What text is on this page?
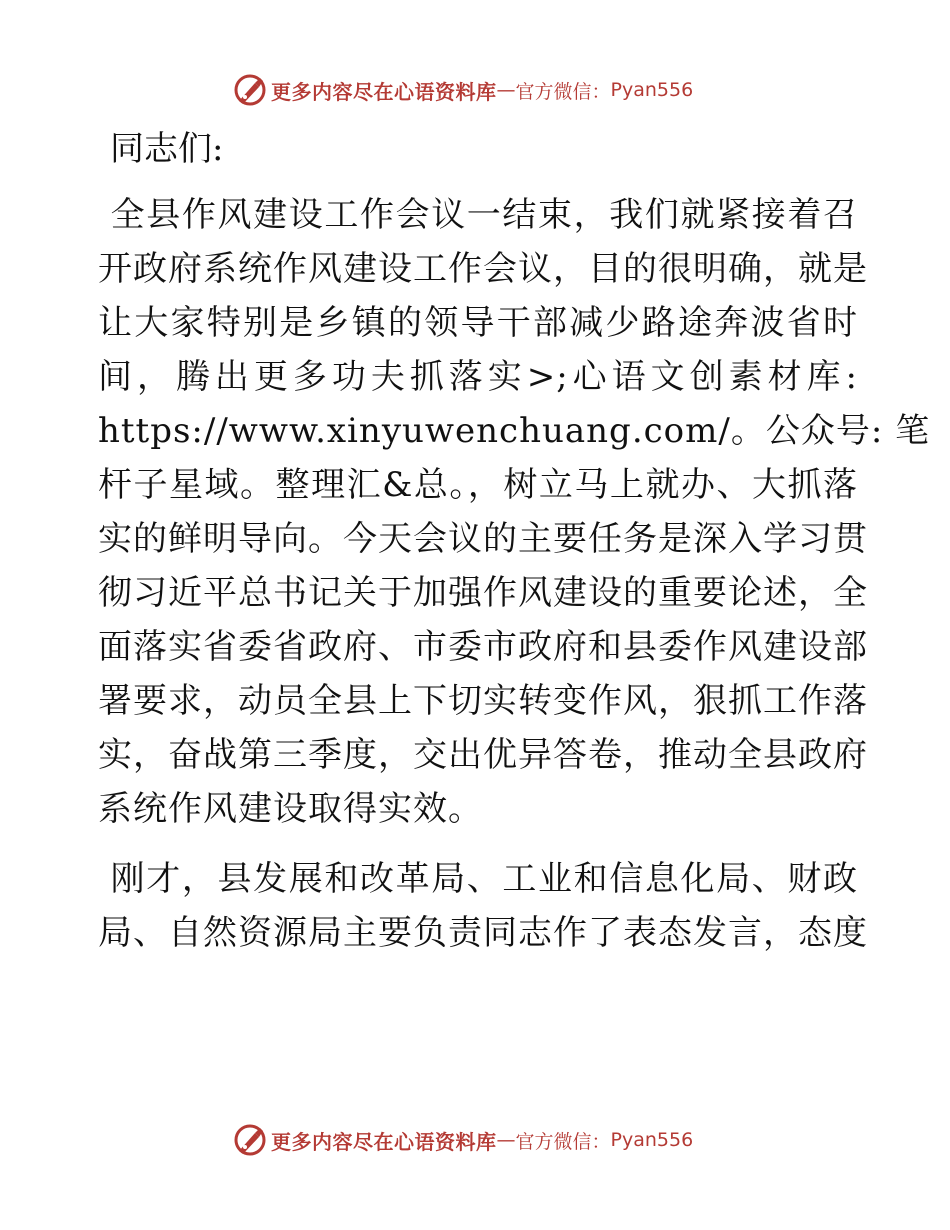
更多内容尽在心语资料库 — 官方微信： Pyan556
同志们:
全县作风建设工作会议一结束，我们就紧接着召
开政府系统作风建设工作会议，目的很明确，就是
让大家特别是乡镇的领导干部减少路途奔波省时
间，腾出更多功夫抓落实>;心语文创素材库:
https://www.xinyuwenchuang.com/。公众号: 笔
杆子星域。整理汇&总。，树立马上就办、大抓落
实的鲜明导向。今天会议的主要任务是深入学习贯
彻习近平总书记关于加强作风建设的重要论述，全
面落实省委省政府、市委市政府和县委作风建设部
署要求，动员全县上下切实转变作风，狠抓工作落
实，奋战第三季度，交出优异答卷，推动全县政府
系统作风建设取得实效。
刚才，县发展和改革局、工业和信息化局、财政
局、自然资源局主要负责同志作了表态发言，态度
更多内容尽在心语资料库 — 官方微信： Pyan556
